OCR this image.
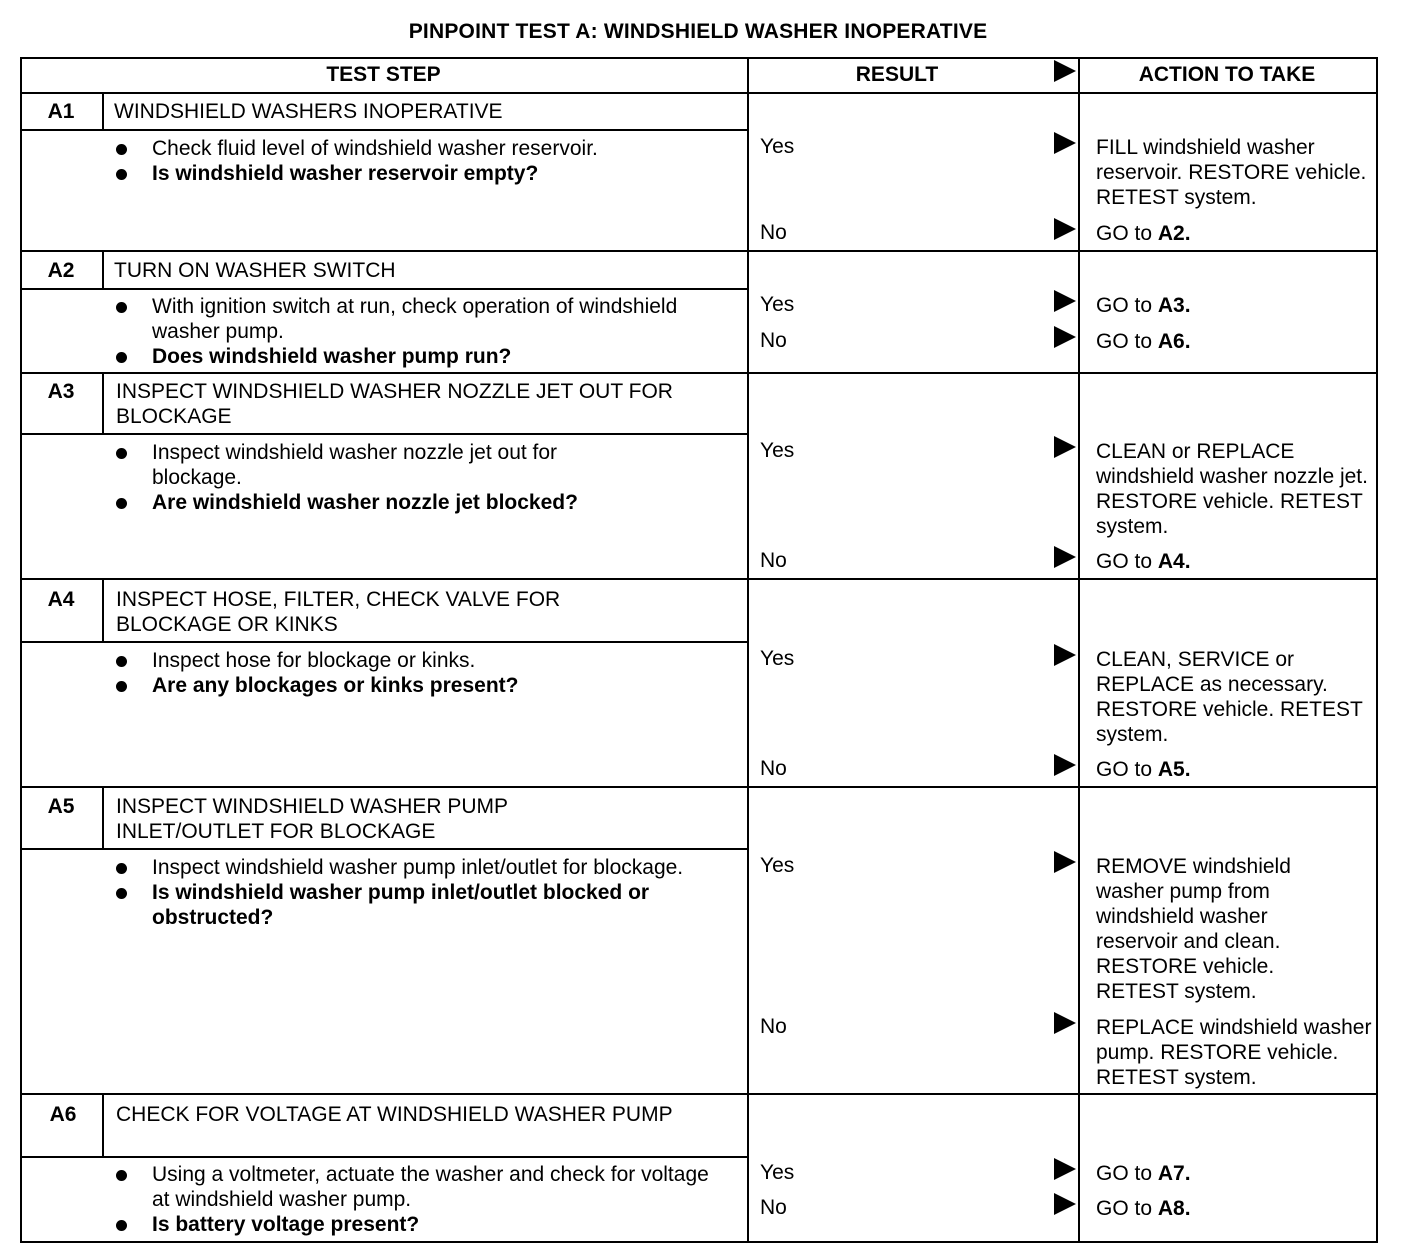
PINPOINT TEST A: WINDSHIELD WASHER INOPERATIVE
TEST STEP	RESULT	ACTION TO TAKE
A1	WINDSHIELD WASHERS INOPERATIVE
Check fluid level of windshield washer reservoir.
Is windshield washer reservoir empty?
Yes	FILL windshield washer reservoir. RESTORE vehicle. RETEST system.
No	GO to A2.
A2	TURN ON WASHER SWITCH
With ignition switch at run, check operation of windshield washer pump.
Does windshield washer pump run?
Yes	GO to A3.
No	GO to A6.
A3	INSPECT WINDSHIELD WASHER NOZZLE JET OUT FOR BLOCKAGE
Inspect windshield washer nozzle jet out for blockage.
Are windshield washer nozzle jet blocked?
Yes	CLEAN or REPLACE windshield washer nozzle jet. RESTORE vehicle. RETEST system.
No	GO to A4.
A4	INSPECT HOSE, FILTER, CHECK VALVE FOR BLOCKAGE OR KINKS
Inspect hose for blockage or kinks.
Are any blockages or kinks present?
Yes	CLEAN, SERVICE or REPLACE as necessary. RESTORE vehicle. RETEST system.
No	GO to A5.
A5	INSPECT WINDSHIELD WASHER PUMP INLET/OUTLET FOR BLOCKAGE
Inspect windshield washer pump inlet/outlet for blockage.
Is windshield washer pump inlet/outlet blocked or obstructed?
Yes	REMOVE windshield washer pump from windshield washer reservoir and clean. RESTORE vehicle. RETEST system.
No	REPLACE windshield washer pump. RESTORE vehicle. RETEST system.
A6	CHECK FOR VOLTAGE AT WINDSHIELD WASHER PUMP
Using a voltmeter, actuate the washer and check for voltage at windshield washer pump.
Is battery voltage present?
Yes	GO to A7.
No	GO to A8.
